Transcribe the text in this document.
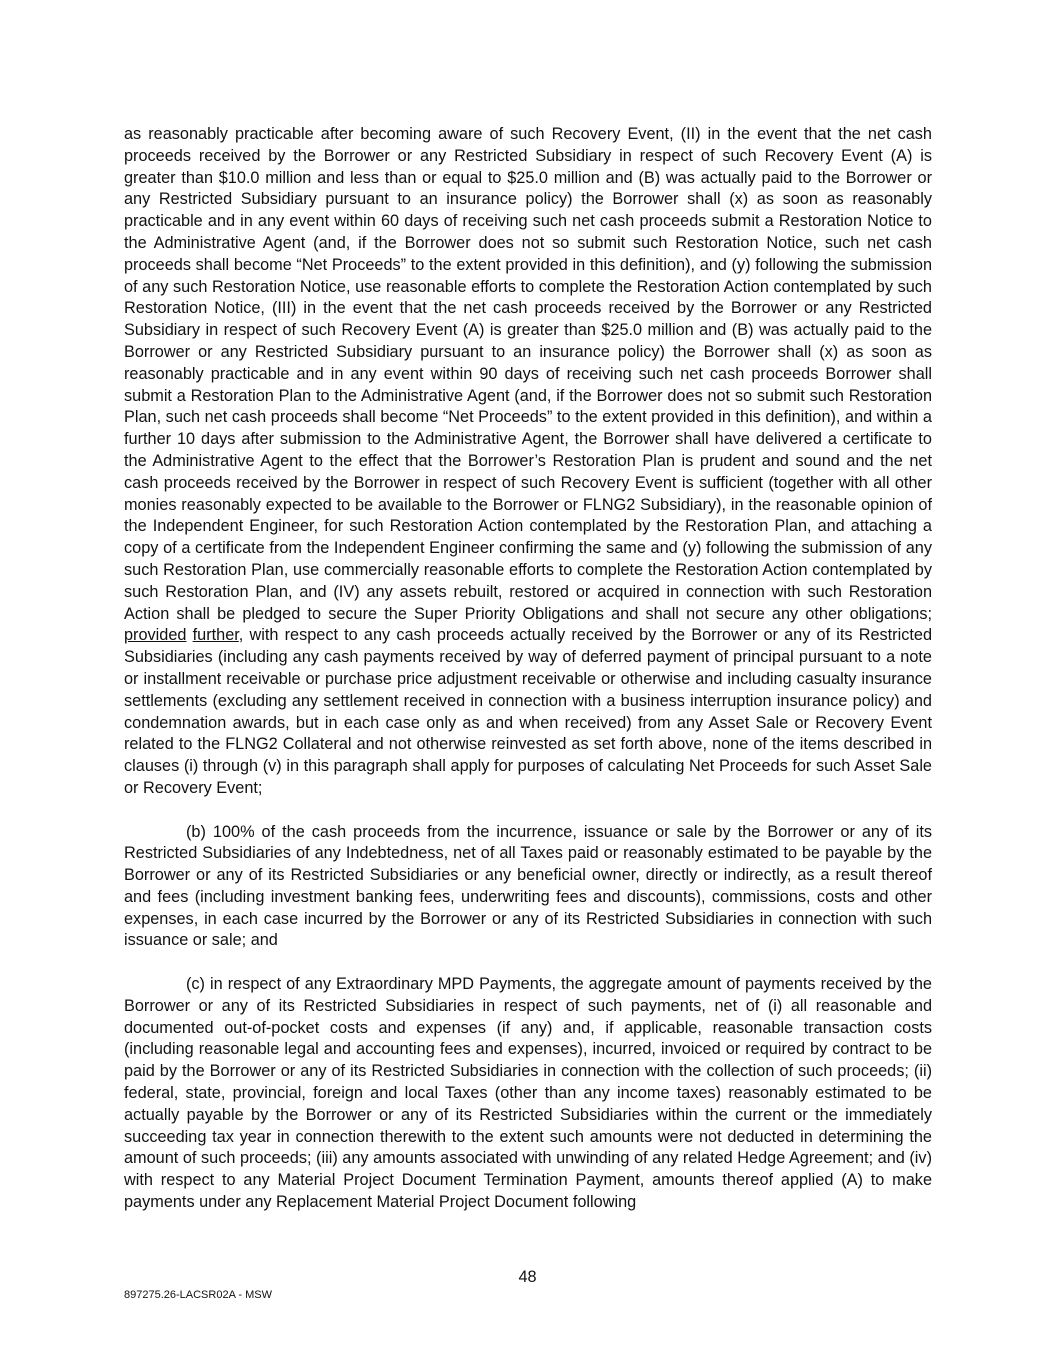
as reasonably practicable after becoming aware of such Recovery Event, (II) in the event that the net cash proceeds received by the Borrower or any Restricted Subsidiary in respect of such Recovery Event (A) is greater than $10.0 million and less than or equal to $25.0 million and (B) was actually paid to the Borrower or any Restricted Subsidiary pursuant to an insurance policy) the Borrower shall (x) as soon as reasonably practicable and in any event within 60 days of receiving such net cash proceeds submit a Restoration Notice to the Administrative Agent (and, if the Borrower does not so submit such Restoration Notice, such net cash proceeds shall become “Net Proceeds” to the extent provided in this definition), and (y) following the submission of any such Restoration Notice, use reasonable efforts to complete the Restoration Action contemplated by such Restoration Notice, (III) in the event that the net cash proceeds received by the Borrower or any Restricted Subsidiary in respect of such Recovery Event (A) is greater than $25.0 million and (B) was actually paid to the Borrower or any Restricted Subsidiary pursuant to an insurance policy) the Borrower shall (x) as soon as reasonably practicable and in any event within 90 days of receiving such net cash proceeds Borrower shall submit a Restoration Plan to the Administrative Agent (and, if the Borrower does not so submit such Restoration Plan, such net cash proceeds shall become “Net Proceeds” to the extent provided in this definition), and within a further 10 days after submission to the Administrative Agent, the Borrower shall have delivered a certificate to the Administrative Agent to the effect that the Borrower’s Restoration Plan is prudent and sound and the net cash proceeds received by the Borrower in respect of such Recovery Event is sufficient (together with all other monies reasonably expected to be available to the Borrower or FLNG2 Subsidiary), in the reasonable opinion of the Independent Engineer, for such Restoration Action contemplated by the Restoration Plan, and attaching a copy of a certificate from the Independent Engineer confirming the same and (y) following the submission of any such Restoration Plan, use commercially reasonable efforts to complete the Restoration Action contemplated by such Restoration Plan, and (IV) any assets rebuilt, restored or acquired in connection with such Restoration Action shall be pledged to secure the Super Priority Obligations and shall not secure any other obligations; provided further, with respect to any cash proceeds actually received by the Borrower or any of its Restricted Subsidiaries (including any cash payments received by way of deferred payment of principal pursuant to a note or installment receivable or purchase price adjustment receivable or otherwise and including casualty insurance settlements (excluding any settlement received in connection with a business interruption insurance policy) and condemnation awards, but in each case only as and when received) from any Asset Sale or Recovery Event related to the FLNG2 Collateral and not otherwise reinvested as set forth above, none of the items described in clauses (i) through (v) in this paragraph shall apply for purposes of calculating Net Proceeds for such Asset Sale or Recovery Event;

(b) 100% of the cash proceeds from the incurrence, issuance or sale by the Borrower or any of its Restricted Subsidiaries of any Indebtedness, net of all Taxes paid or reasonably estimated to be payable by the Borrower or any of its Restricted Subsidiaries or any beneficial owner, directly or indirectly, as a result thereof and fees (including investment banking fees, underwriting fees and discounts), commissions, costs and other expenses, in each case incurred by the Borrower or any of its Restricted Subsidiaries in connection with such issuance or sale; and

(c) in respect of any Extraordinary MPD Payments, the aggregate amount of payments received by the Borrower or any of its Restricted Subsidiaries in respect of such payments, net of (i) all reasonable and documented out-of-pocket costs and expenses (if any) and, if applicable, reasonable transaction costs (including reasonable legal and accounting fees and expenses), incurred, invoiced or required by contract to be paid by the Borrower or any of its Restricted Subsidiaries in connection with the collection of such proceeds; (ii) federal, state, provincial, foreign and local Taxes (other than any income taxes) reasonably estimated to be actually payable by the Borrower or any of its Restricted Subsidiaries within the current or the immediately succeeding tax year in connection therewith to the extent such amounts were not deducted in determining the amount of such proceeds; (iii) any amounts associated with unwinding of any related Hedge Agreement; and (iv) with respect to any Material Project Document Termination Payment, amounts thereof applied (A) to make payments under any Replacement Material Project Document following

48
897275.26-LACSR02A - MSW
